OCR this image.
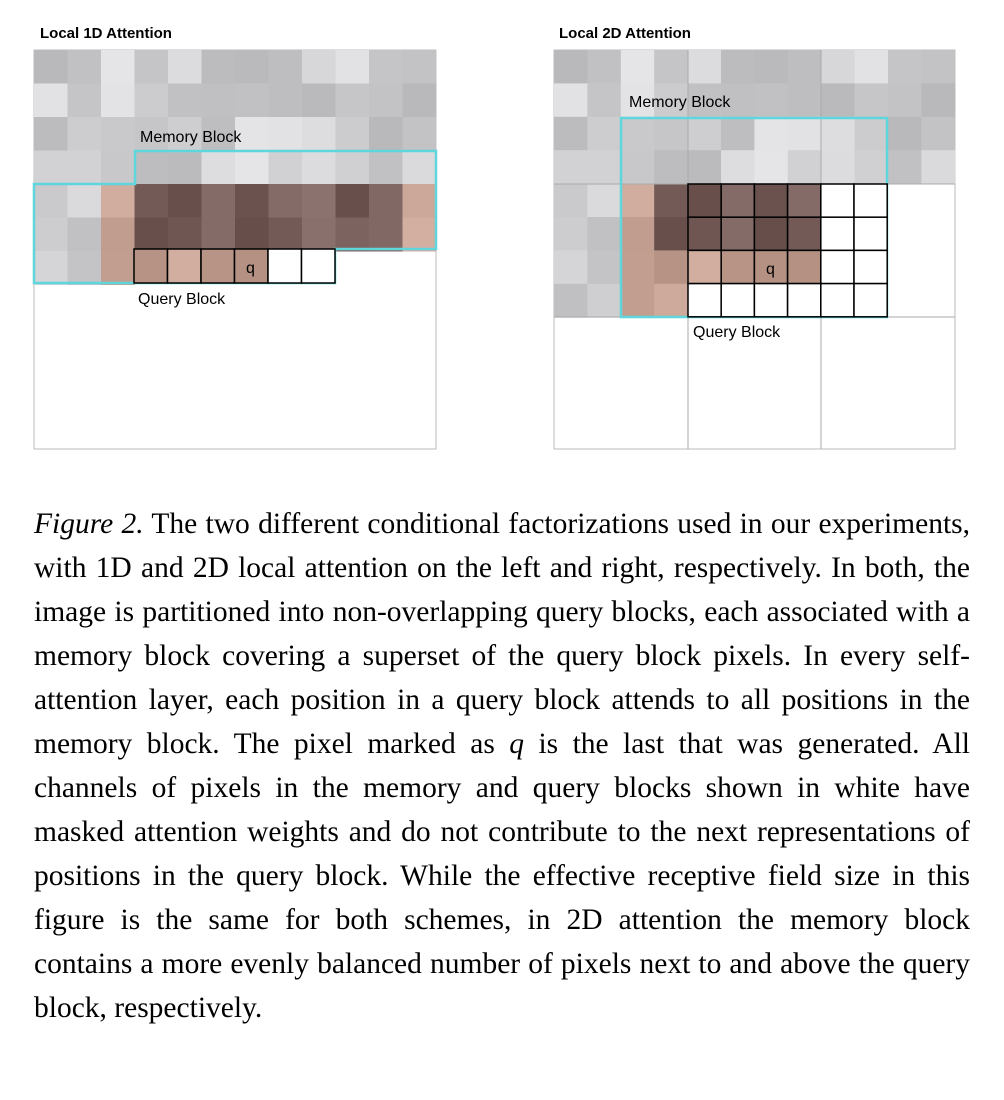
Local 1D Attention	Local 2D Attention
Memory Block
Query Block
q
Memory Block
Query Block
q

Figure 2. The two different conditional factorizations used in our experiments, with 1D and 2D local attention on the left and right, respectively. In both, the image is partitioned into non-overlapping query blocks, each associated with a memory block covering a superset of the query block pixels. In every self-attention layer, each position in a query block attends to all positions in the memory block. The pixel marked as q is the last that was generated. All channels of pixels in the memory and query blocks shown in white have masked attention weights and do not contribute to the next representations of positions in the query block. While the effective receptive field size in this figure is the same for both schemes, in 2D attention the memory block contains a more evenly balanced number of pixels next to and above the query block, respectively.
